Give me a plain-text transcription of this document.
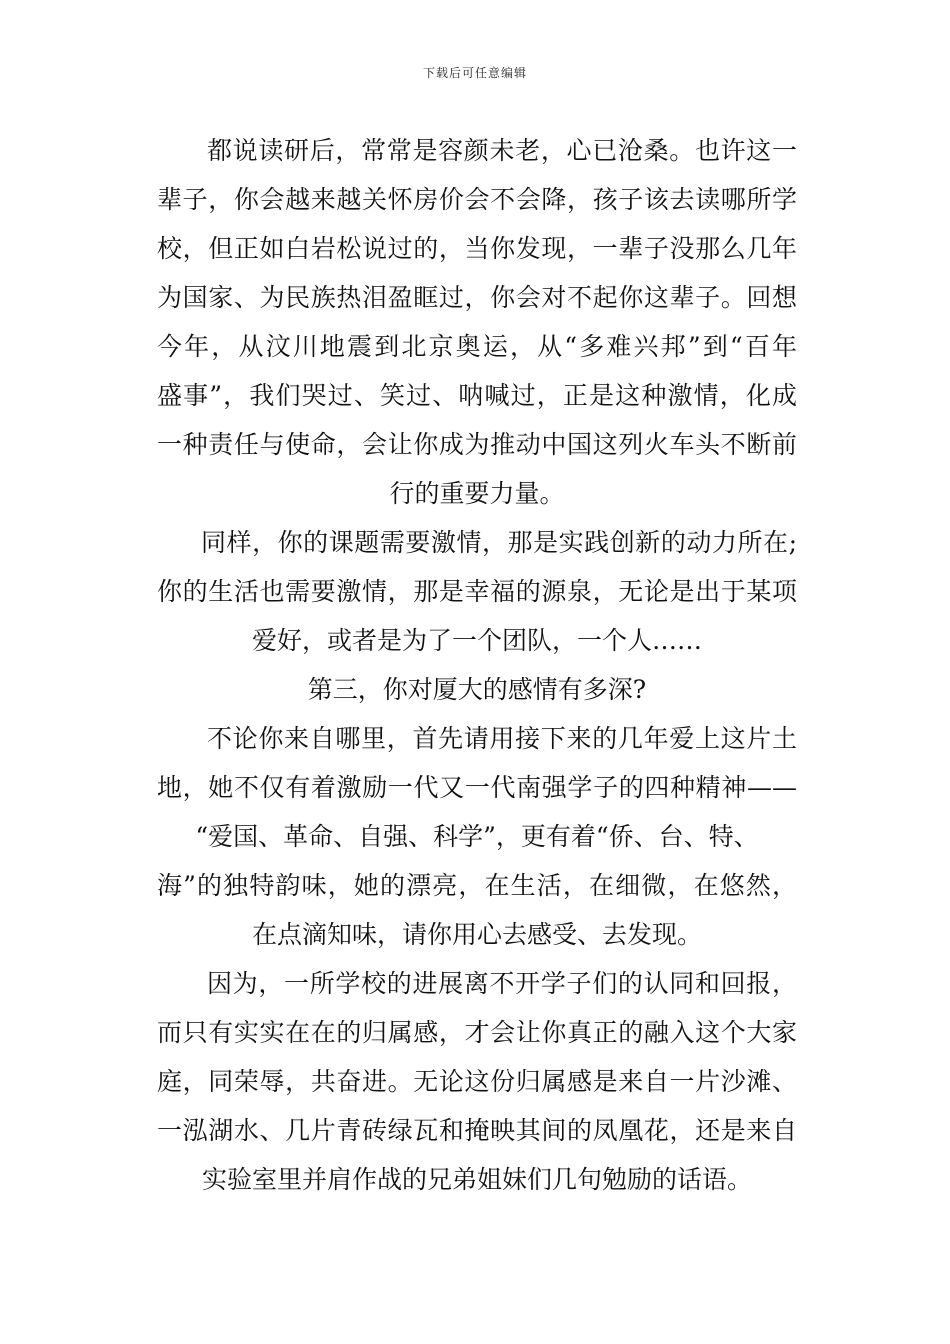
下载后可任意编辑
都说读研后，常常是容颜未老，心已沧桑。也许这一
辈子，你会越来越关怀房价会不会降，孩子该去读哪所学
校，但正如白岩松说过的，当你发现，一辈子没那么几年
为国家、为民族热泪盈眶过，你会对不起你这辈子。回想
今年，从汶川地震到北京奥运，从“多难兴邦”到“百年
盛事”，我们哭过、笑过、呐喊过，正是这种激情，化成
一种责任与使命，会让你成为推动中国这列火车头不断前
行的重要力量。
同样，你的课题需要激情，那是实践创新的动力所在;
你的生活也需要激情，那是幸福的源泉，无论是出于某项
爱好，或者是为了一个团队，一个人……
第三，你对厦大的感情有多深?
不论你来自哪里，首先请用接下来的几年爱上这片土
地，她不仅有着激励一代又一代南强学子的四种精神——
“爱国、革命、自强、科学”，更有着“侨、台、特、
海”的独特韵味，她的漂亮，在生活，在细微，在悠然，
在点滴知味，请你用心去感受、去发现。
因为，一所学校的进展离不开学子们的认同和回报，
而只有实实在在的归属感，才会让你真正的融入这个大家
庭，同荣辱，共奋进。无论这份归属感是来自一片沙滩、
一泓湖水、几片青砖绿瓦和掩映其间的凤凰花，还是来自
实验室里并肩作战的兄弟姐妹们几句勉励的话语。
